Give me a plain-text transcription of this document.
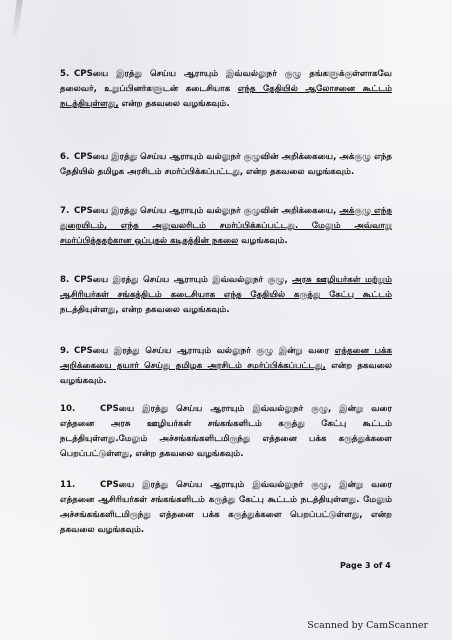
5.CPSயை இரத்து செய்ய ஆராயும் இவ்வல்லுநர் குழு தங்களுக்குள்ளாகவே தலைவர், உறுப்பினர்களுடன் கடைசியாக எந்த தேதியில் ஆலோசனை கூட்டம் நடத்தியுள்ளது, என்ற தகவலை வழங்கவும்.
6.CPSயை இரத்து செய்ய ஆராயும் வல்லுநர் குழுவின் அறிக்கையை, அக்குழு எந்த தேதியில் தமிழக அரசிடம் சமர்ப்பிக்கப்பட்டது, என்ற தகவலை வழங்கவும்.
7.CPSயை இரத்து செய்ய ஆராயும் வல்லுநர் குழுவின் அறிக்கையை, அக்குழு எந்த துறையிடம், எந்த அலுவலரிடம் சமர்ப்பிக்கப்பட்டது. மேலும் அவ்வாறு சமர்ப்பித்ததற்கான ஒப்புதல் கடிதத்தின் நகலை வழங்கவும்.
8.CPSயை இரத்து செய்ய ஆராயும் இவ்வல்லுநர் குழு, அரசு ஊழியர்கள் மற்றும் ஆசிரியர்கள் சங்கத்திடம் கடைசியாக எந்த தேதியில் கருத்து கேட்பு கூட்டம் நடத்தியுள்ளது, என்ற தகவலை வழங்கவும்.
9.CPSயை இரத்து செய்ய ஆராயும் வல்லுநர் குழு இன்று வரை எத்தனை பக்க அறிக்கையை தயார் செய்து தமிழக அரசிடம் சமர்ப்பிக்கப்பட்டது, என்ற தகவலை வழங்கவும்.
10.	CPSயை இரத்து செய்ய ஆராயும் இவ்வல்லுநர் குழு, இன்று வரை எத்தனை அரசு ஊழியர்கள் சங்கங்களிடம் கருத்து கேட்பு கூட்டம் நடத்தியுள்ளது.மேலும் அச்சங்கங்களிடமிருந்து எத்தனை பக்க கருத்துக்களை பெறப்பட்டுள்ளது, என்ற தகவலை வழங்கவும்.
11.	CPSயை இரத்து செய்ய ஆராயும் இவ்வல்லுநர் குழு, இன்று வரை எத்தனை ஆசிரியர்கள் சங்கங்களிடம் கருத்து கேட்பு கூட்டம் நடத்தியுள்ளது. மேலும் அச்சங்கங்களிடமிருந்து எத்தனை பக்க கருத்துக்களை பெறப்பட்டுள்ளது, என்ற தகவலை வழங்கவும்.
Page 3 of 4
Scanned by CamScanner
